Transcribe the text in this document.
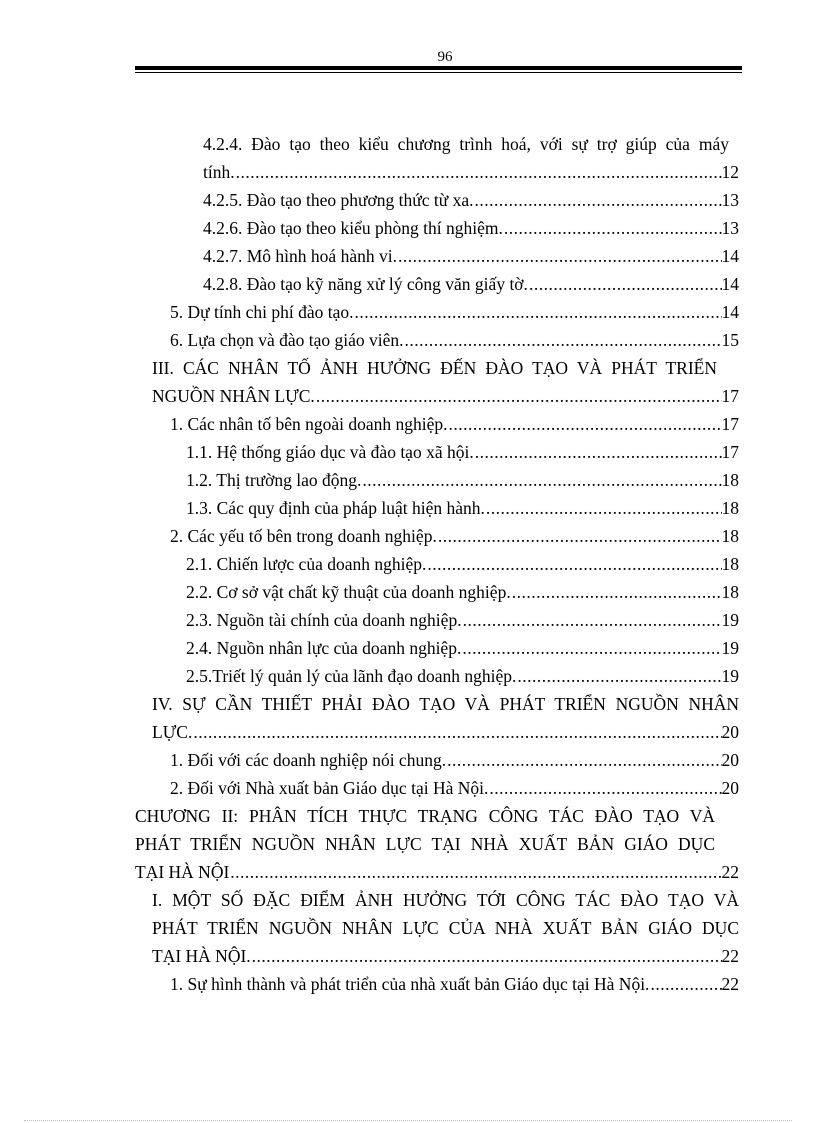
96
4.2.4. Đào tạo theo kiểu chương trình hoá, với sự trợ giúp của máy
tính. .....	12
4.2.5. Đào tạo theo phương thức từ xa. .....	13
4.2.6. Đào tạo theo kiểu phòng thí nghiệm. .....	13
4.2.7. Mô hình hoá hành vi. .....	14
4.2.8. Đào tạo kỹ năng xử lý công văn giấy tờ. .....	14
5. Dự tính chi phí đào tạo. .....	14
6. Lựa chọn và đào tạo giáo viên. .....	15
III. CÁC NHÂN TỐ ẢNH HƯỞNG ĐẾN ĐÀO TẠO VÀ PHÁT TRIỂN
NGUỒN NHÂN LỰC. .....	17
1. Các nhân tố bên ngoài doanh nghiệp. .....	17
1.1. Hệ thống giáo dục và đào tạo xã hội. .....	17
1.2. Thị trường lao động. .....	18
1.3. Các quy định của pháp luật hiện hành. .....	18
2. Các yếu tố bên trong doanh nghiệp. .....	18
2.1. Chiến lược của doanh nghiệp. .....	18
2.2. Cơ sở vật chất kỹ thuật của doanh nghiệp. .....	18
2.3. Nguồn tài chính của doanh nghiệp. .....	19
2.4. Nguồn nhân lực của doanh nghiệp. .....	19
2.5.Triết lý quản lý của lãnh đạo doanh nghiệp. .....	19
IV. SỰ CẦN THIẾT PHẢI ĐÀO TẠO VÀ PHÁT TRIỂN NGUỒN NHÂN
LỰC. .....	20
1. Đối với các doanh nghiệp nói chung. .....	20
2. Đối với Nhà xuất bản Giáo dục tại Hà Nội. .....	20
CHƯƠNG II: PHÂN TÍCH THỰC TRẠNG CÔNG TÁC ĐÀO TẠO VÀ
PHÁT TRIỂN NGUỒN NHÂN LỰC TẠI NHÀ XUẤT BẢN GIÁO DỤC
TẠI HÀ NỘI .....	22
I. MỘT SỐ ĐẶC ĐIỂM ẢNH HƯỞNG TỚI CÔNG TÁC ĐÀO TẠO VÀ
PHÁT TRIỂN NGUỒN NHÂN LỰC CỦA NHÀ XUẤT BẢN GIÁO DỤC
TẠI HÀ NỘI. .....	22
1. Sự hình thành và phát triển của nhà xuất bản Giáo dục tại Hà Nội. .....	22
